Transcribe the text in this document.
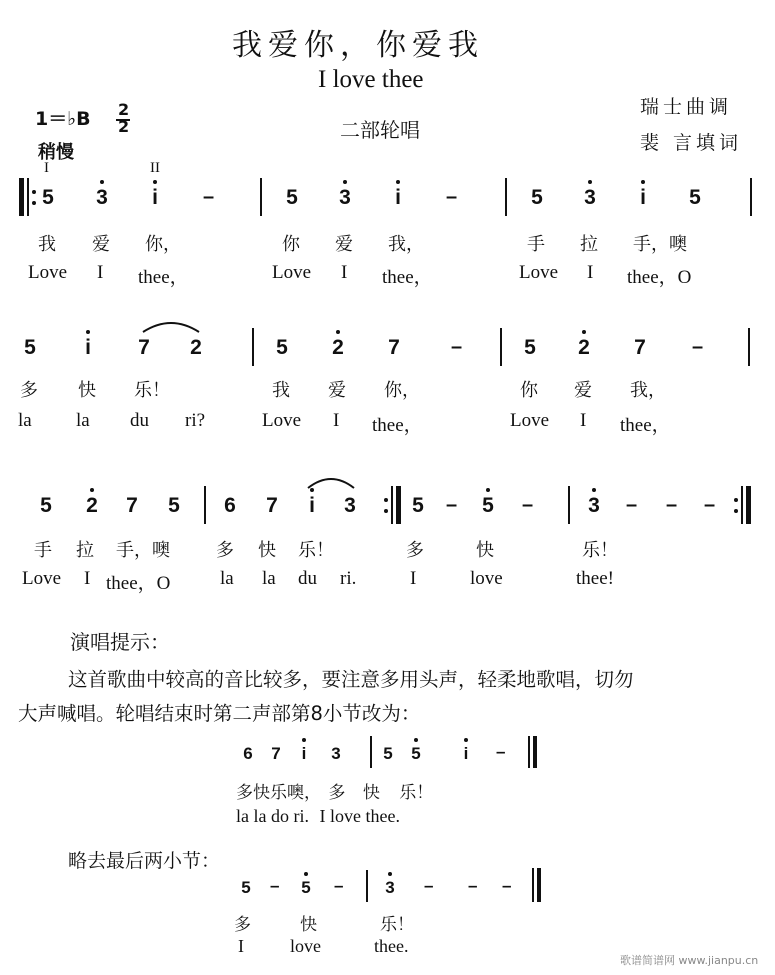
我爱你，你爱我
I love thee
二部轮唱
1＝♭B 2
2
稍慢
瑞士曲调
裴 言填词
I	II
5 3	i	–	5 3	i	–	5 3	i	5
我 爱 你，	你 爱 我，	手 拉 手，噢
Love I thee，	Love I thee，	Love I thee，O
5	i	7 2	5 2 7	–	5 2 7 –
多 快 乐！	我 爱 你，	你 爱 我，
la la du ri?	Love I thee，	Love I thee，
5 2 7 5 6 7	i	3	5 – 5 –	3 – – –
手 拉 手，噢	多 快 乐！	多	快	乐！
Love I thee，O	la la du ri.	I	love	thee!
演唱提示：
这首歌曲中较高的音比较多，要注意多用头声，轻柔地歌唱，切勿
大声喊唱。轮唱结束时第二声部第8小节改为：
6	7	i	3	5	5	i	–
多快乐噢， 多 快 乐！
la la do ri. I love thee.
略去最后两小节：
5	–	5	–	3	– – –
多	快	乐！
I	love	thee.
歌谱简谱网 www.jianpu.cn
